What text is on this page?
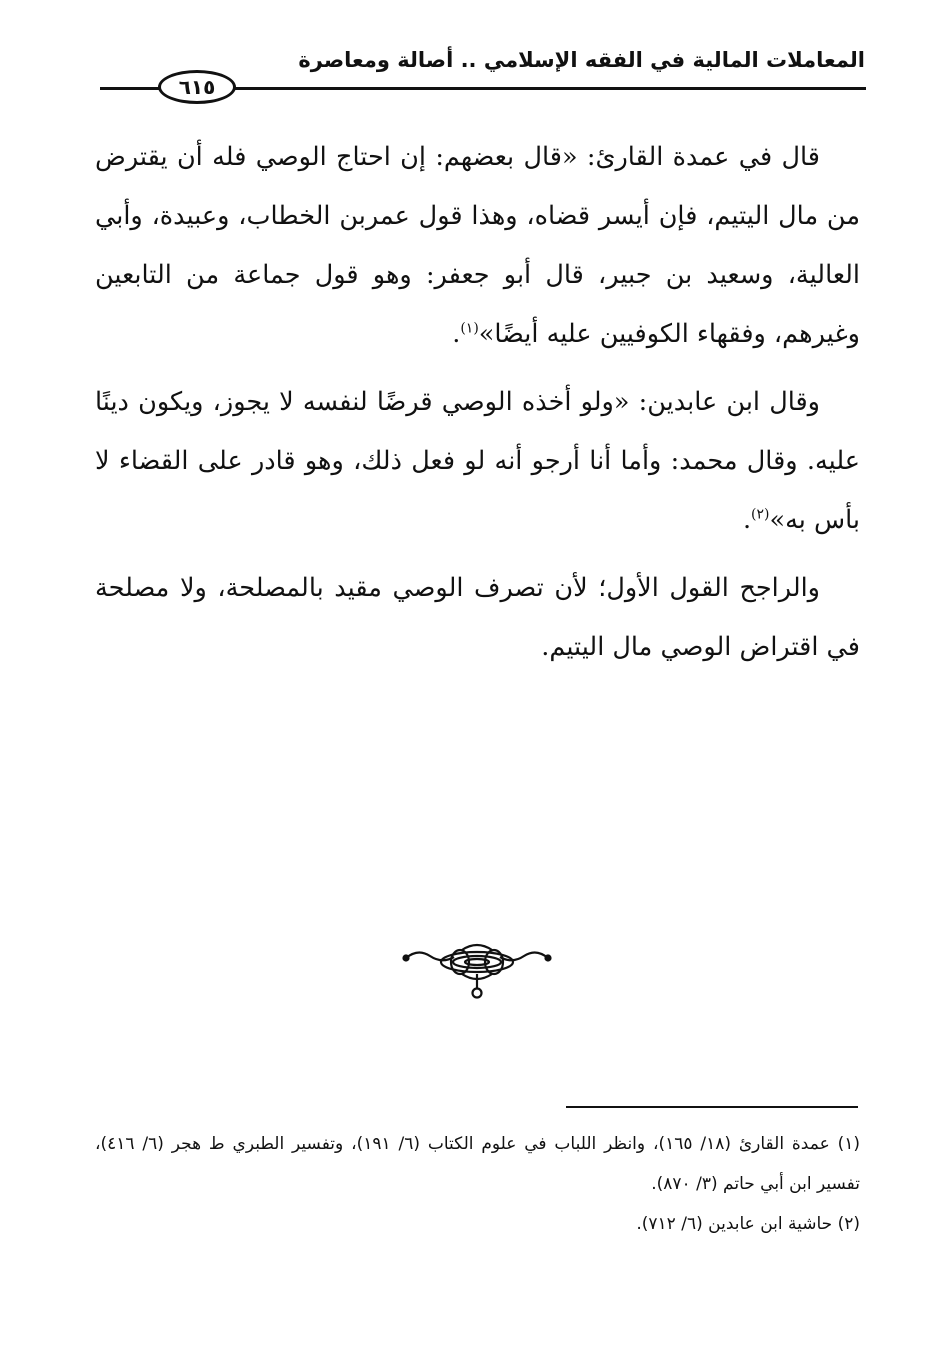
المعاملات المالية في الفقه الإسلامي .. أصالة ومعاصرة
٦١٥

قال في عمدة القارئ: «قال بعضهم: إن احتاج الوصي فله أن يقترض من مال اليتيم، فإن أيسر قضاه، وهذا قول عمربن الخطاب، وعبيدة، وأبي العالية، وسعيد بن جبير، قال أبو جعفر: وهو قول جماعة من التابعين وغيرهم، وفقهاء الكوفيين عليه أيضًا»$^{(١)}$.

وقال ابن عابدين: «ولو أخذه الوصي قرضًا لنفسه لا يجوز، ويكون دينًا عليه. وقال محمد: وأما أنا أرجو أنه لو فعل ذلك، وهو قادر على القضاء لا بأس به»$^{(٢)}$.

والراجح القول الأول؛ لأن تصرف الوصي مقيد بالمصلحة، ولا مصلحة في اقتراض الوصي مال اليتيم.

(١) عمدة القارئ (١٨/ ١٦٥)، وانظر اللباب في علوم الكتاب (٦/ ١٩١)، وتفسير الطبري ط هجر (٦/ ٤١٦)، تفسير ابن أبي حاتم (٣/ ٨٧٠).

(٢) حاشية ابن عابدين (٦/ ٧١٢).
